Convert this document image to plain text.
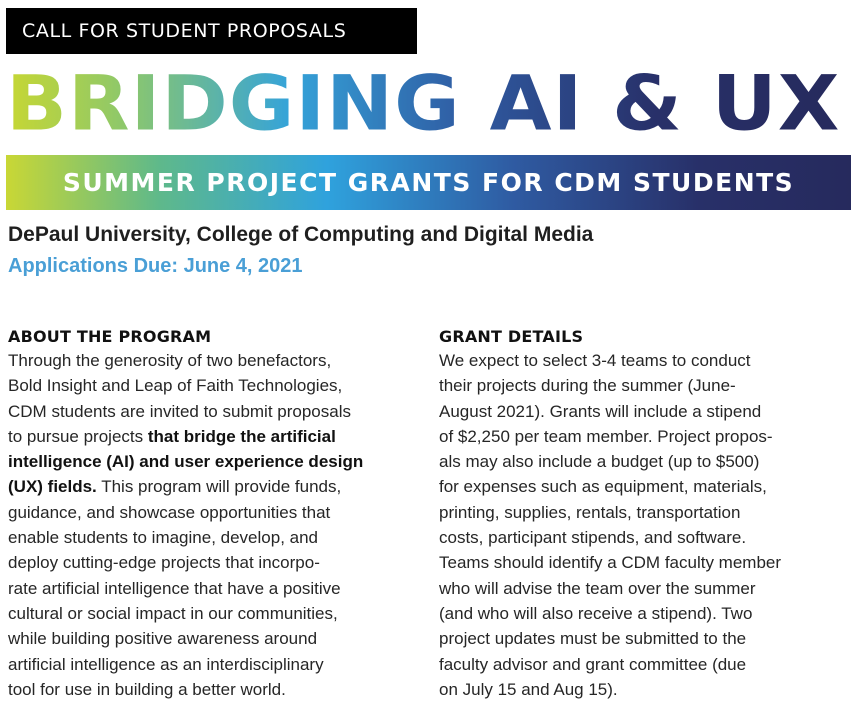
CALL FOR STUDENT PROPOSALS
BRIDGING AI & UX
SUMMER PROJECT GRANTS FOR CDM STUDENTS
DePaul University, College of Computing and Digital Media
Applications Due: June 4, 2021
ABOUT THE PROGRAM
Through the generosity of two benefactors,
Bold Insight and Leap of Faith Technologies,
CDM students are invited to submit proposals
to pursue projects that bridge the artificial
intelligence (AI) and user experience design
(UX) fields. This program will provide funds,
guidance, and showcase opportunities that
enable students to imagine, develop, and
deploy cutting-edge projects that incorpo-
rate artificial intelligence that have a positive
cultural or social impact in our communities,
while building positive awareness around
artificial intelligence as an interdisciplinary
tool for use in building a better world.
GRANT DETAILS
We expect to select 3-4 teams to conduct
their projects during the summer (June-
August 2021). Grants will include a stipend
of $2,250 per team member. Project propos-
als may also include a budget (up to $500)
for expenses such as equipment, materials,
printing, supplies, rentals, transportation
costs, participant stipends, and software.
Teams should identify a CDM faculty member
who will advise the team over the summer
(and who will also receive a stipend). Two
project updates must be submitted to the
faculty advisor and grant committee (due
on July 15 and Aug 15).
